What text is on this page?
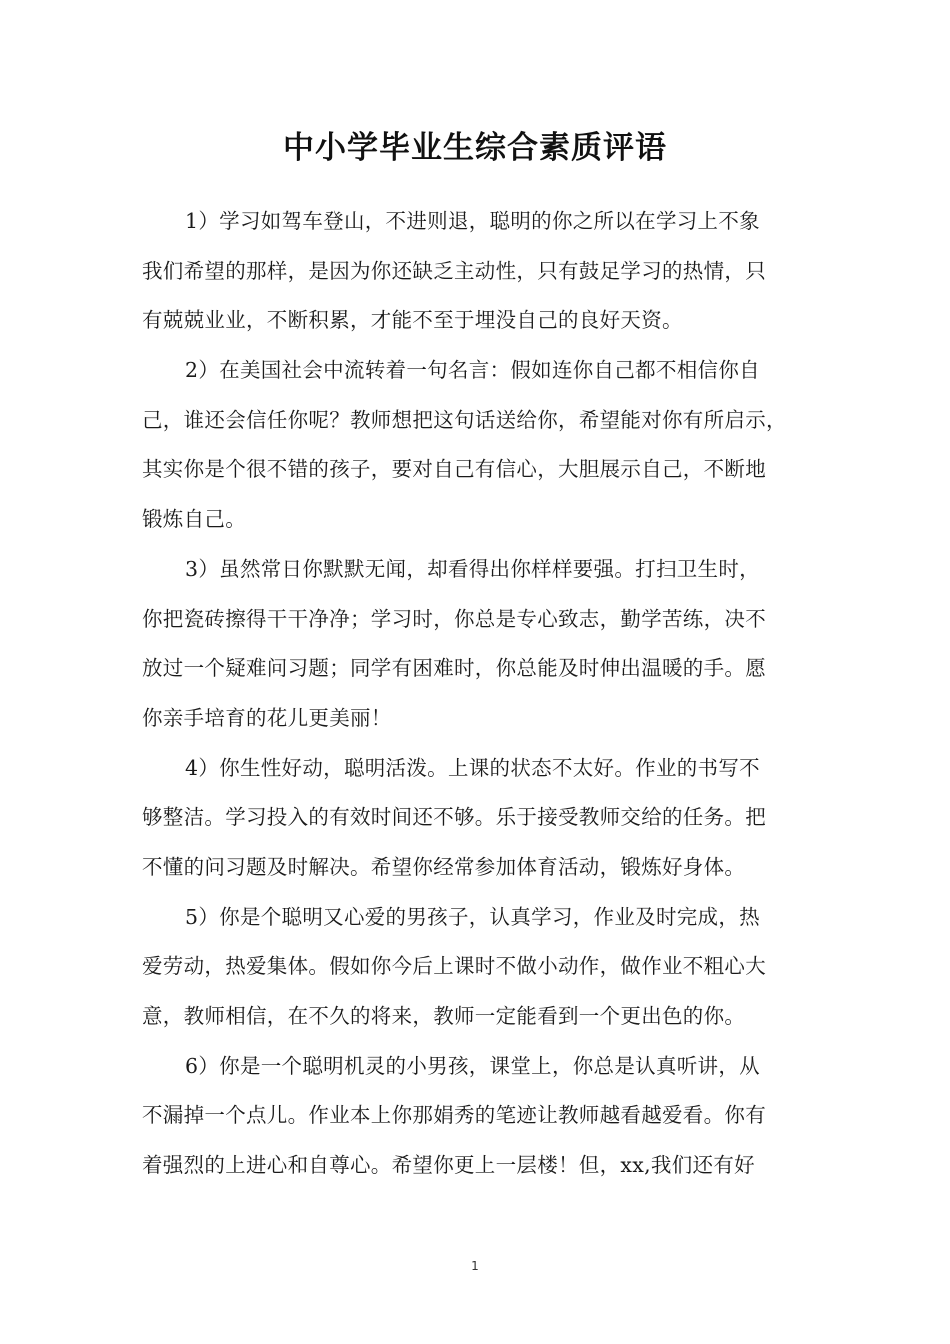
中小学毕业生综合素质评语
1）学习如驾车登山，不进则退，聪明的你之所以在学习上不象
我们希望的那样，是因为你还缺乏主动性，只有鼓足学习的热情，只
有兢兢业业，不断积累，才能不至于埋没自己的良好天资。
2）在美国社会中流转着一句名言：假如连你自己都不相信你自
己，谁还会信任你呢？教师想把这句话送给你，希望能对你有所启示，
其实你是个很不错的孩子，要对自己有信心，大胆展示自己，不断地
锻炼自己。
3）虽然常日你默默无闻，却看得出你样样要强。打扫卫生时，
你把瓷砖擦得干干净净；学习时，你总是专心致志，勤学苦练，决不
放过一个疑难问习题；同学有困难时，你总能及时伸出温暖的手。愿
你亲手培育的花儿更美丽！
4）你生性好动，聪明活泼。上课的状态不太好。作业的书写不
够整洁。学习投入的有效时间还不够。乐于接受教师交给的任务。把
不懂的问习题及时解决。希望你经常参加体育活动，锻炼好身体。
5）你是个聪明又心爱的男孩子，认真学习，作业及时完成，热
爱劳动，热爱集体。假如你今后上课时不做小动作，做作业不粗心大
意，教师相信，在不久的将来，教师一定能看到一个更出色的你。
6）你是一个聪明机灵的小男孩，课堂上，你总是认真听讲，从
不漏掉一个点儿。作业本上你那娟秀的笔迹让教师越看越爱看。你有
着强烈的上进心和自尊心。希望你更上一层楼！但，xx,我们还有好
1
